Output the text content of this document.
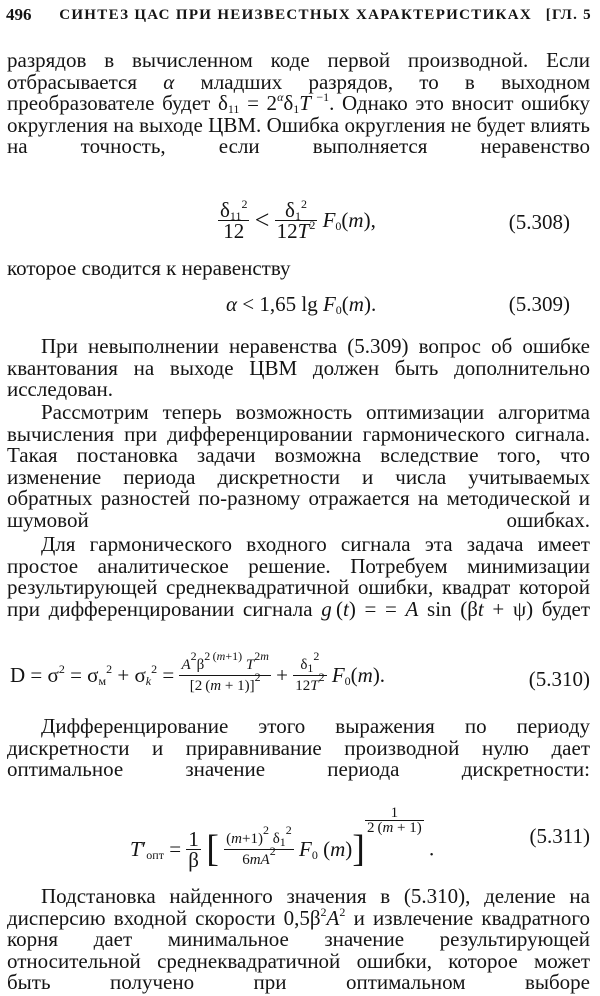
496	СИНТЕЗ ЦАС ПРИ НЕИЗВЕСТНЫХ ХАРАКТЕРИСТИКАХ [ГЛ. 5
разрядов в вычисленном коде первой производной. Если отбрасывается α младших разрядов, то в выходном преобразователе будет $\delta_{11} = 2^\alpha\delta_1T$ $^{-1}$. Однако это вносит ошибку округления на выходе ЦВМ. Ошибка округления не будет влиять на точность, если выполняется неравенство
$\frac{\delta_{11}^2}{12} < \frac{\delta_1^2}{12T^2} F_0(m)$,	(5.308)
которое сводится к неравенству
α < 1,65 $\lg F_0(m)$.	(5.309)
При невыполнении неравенства (5.309) вопрос об ошибке квантования на выходе ЦВМ должен быть дополнительно исследован.
Рассмотрим теперь возможность оптимизации алгоритма вычисления при дифференцировании гармонического сигнала. Такая постановка задачи возможна вследствие того, что изменение периода дискретности и числа учитываемых обратных разностей по-разному отражается на методической и шумовой ошибках.
Для гармонического входного сигнала эта задача имеет простое аналитическое решение. Потребуем минимизации результирующей среднеквадратичной ошибки, квадрат которой при дифференцировании сигнала g (t) = = A sin (βt + ψ) будет
$D = \sigma^2 = \sigma_м^2 + \sigma_k^2 = \frac{A^2\beta^{2 (m+1)} T^{2m}}{[2 (m + 1)]^2} + \frac{\delta_1^2}{12T^2} F_0(m)$.	(5.310)
Дифференцирование этого выражения по периоду дискретности и приравнивание производной нулю дает оптимальное значение периода дискретности:
$T'_{опт} = \frac{1}{\beta}$ [ $\frac{(m+1)^2 \delta_1^2}{6mA^2} F_0$ (m)]
$\frac{1}{2 (m + 1)}$
.
(5.311)
Подстановка найденного значения в (5.310), деление на дисперсию входной скорости $0,5\beta^2A^2$ и извлечение квадратного корня дает минимальное значение результирующей относительной среднеквадратичной ошибки, которое может быть получено при оптимальном выборе
